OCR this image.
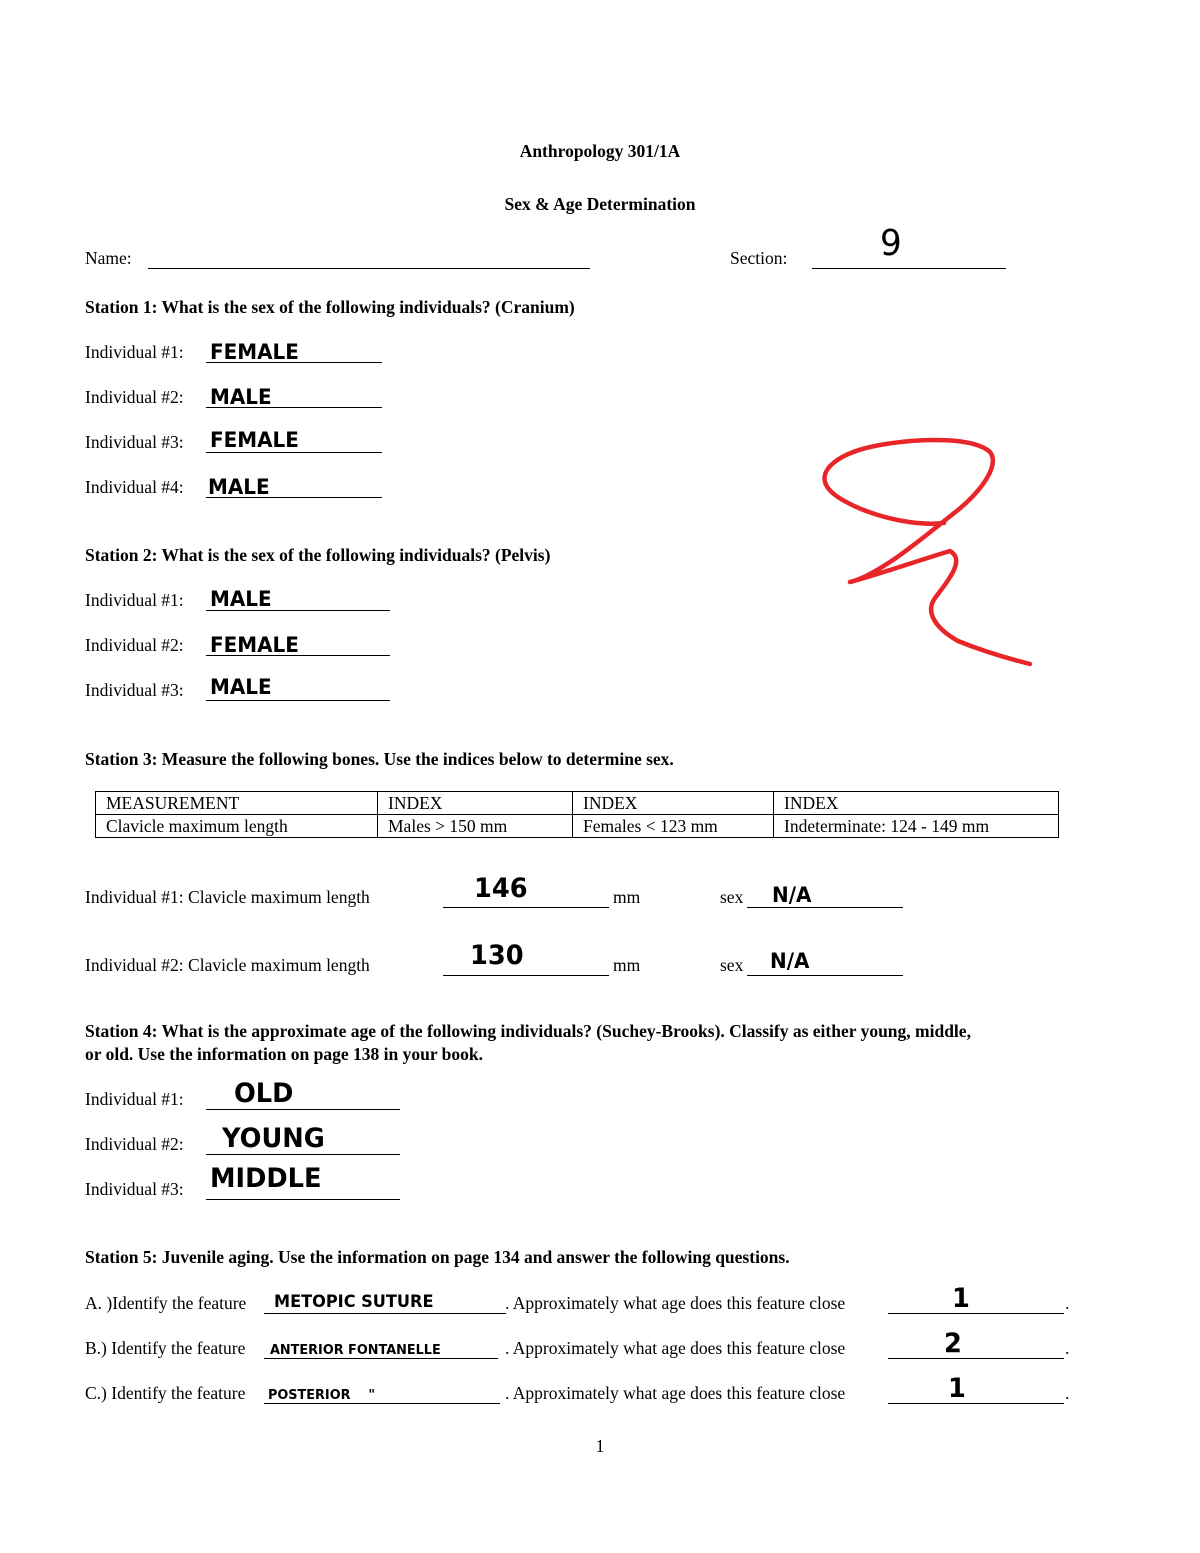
Anthropology 301/1A
Sex & Age Determination
Name:	Section:	9
Station 1: What is the sex of the following individuals? (Cranium)
Individual #1: FEMALE
Individual #2: MALE
Individual #3: FEMALE
Individual #4: MALE
Station 2: What is the sex of the following individuals? (Pelvis)
Individual #1: MALE
Individual #2: FEMALE
Individual #3: MALE
Station 3: Measure the following bones. Use the indices below to determine sex.
MEASUREMENT	INDEX	INDEX	INDEX
Clavicle maximum length	Males > 150 mm	Females < 123 mm	Indeterminate: 124 - 149 mm
Individual #1: Clavicle maximum length	146	mm	sex N/A
Individual #2: Clavicle maximum length	130	mm	sex N/A
Station 4: What is the approximate age of the following individuals? (Suchey-Brooks). Classify as either young, middle,
or old. Use the information on page 138 in your book.
Individual #1: OLD
Individual #2: YOUNG
Individual #3: MIDDLE
Station 5: Juvenile aging. Use the information on page 134 and answer the following questions.
A. )Identify the feature METOPIC SUTURE	. Approximately what age does this feature close	1	.
B.) Identify the feature ANTERIOR FONTANELLE	. Approximately what age does this feature close	2	.
C.) Identify the feature POSTERIOR    "	. Approximately what age does this feature close	1	.
1
